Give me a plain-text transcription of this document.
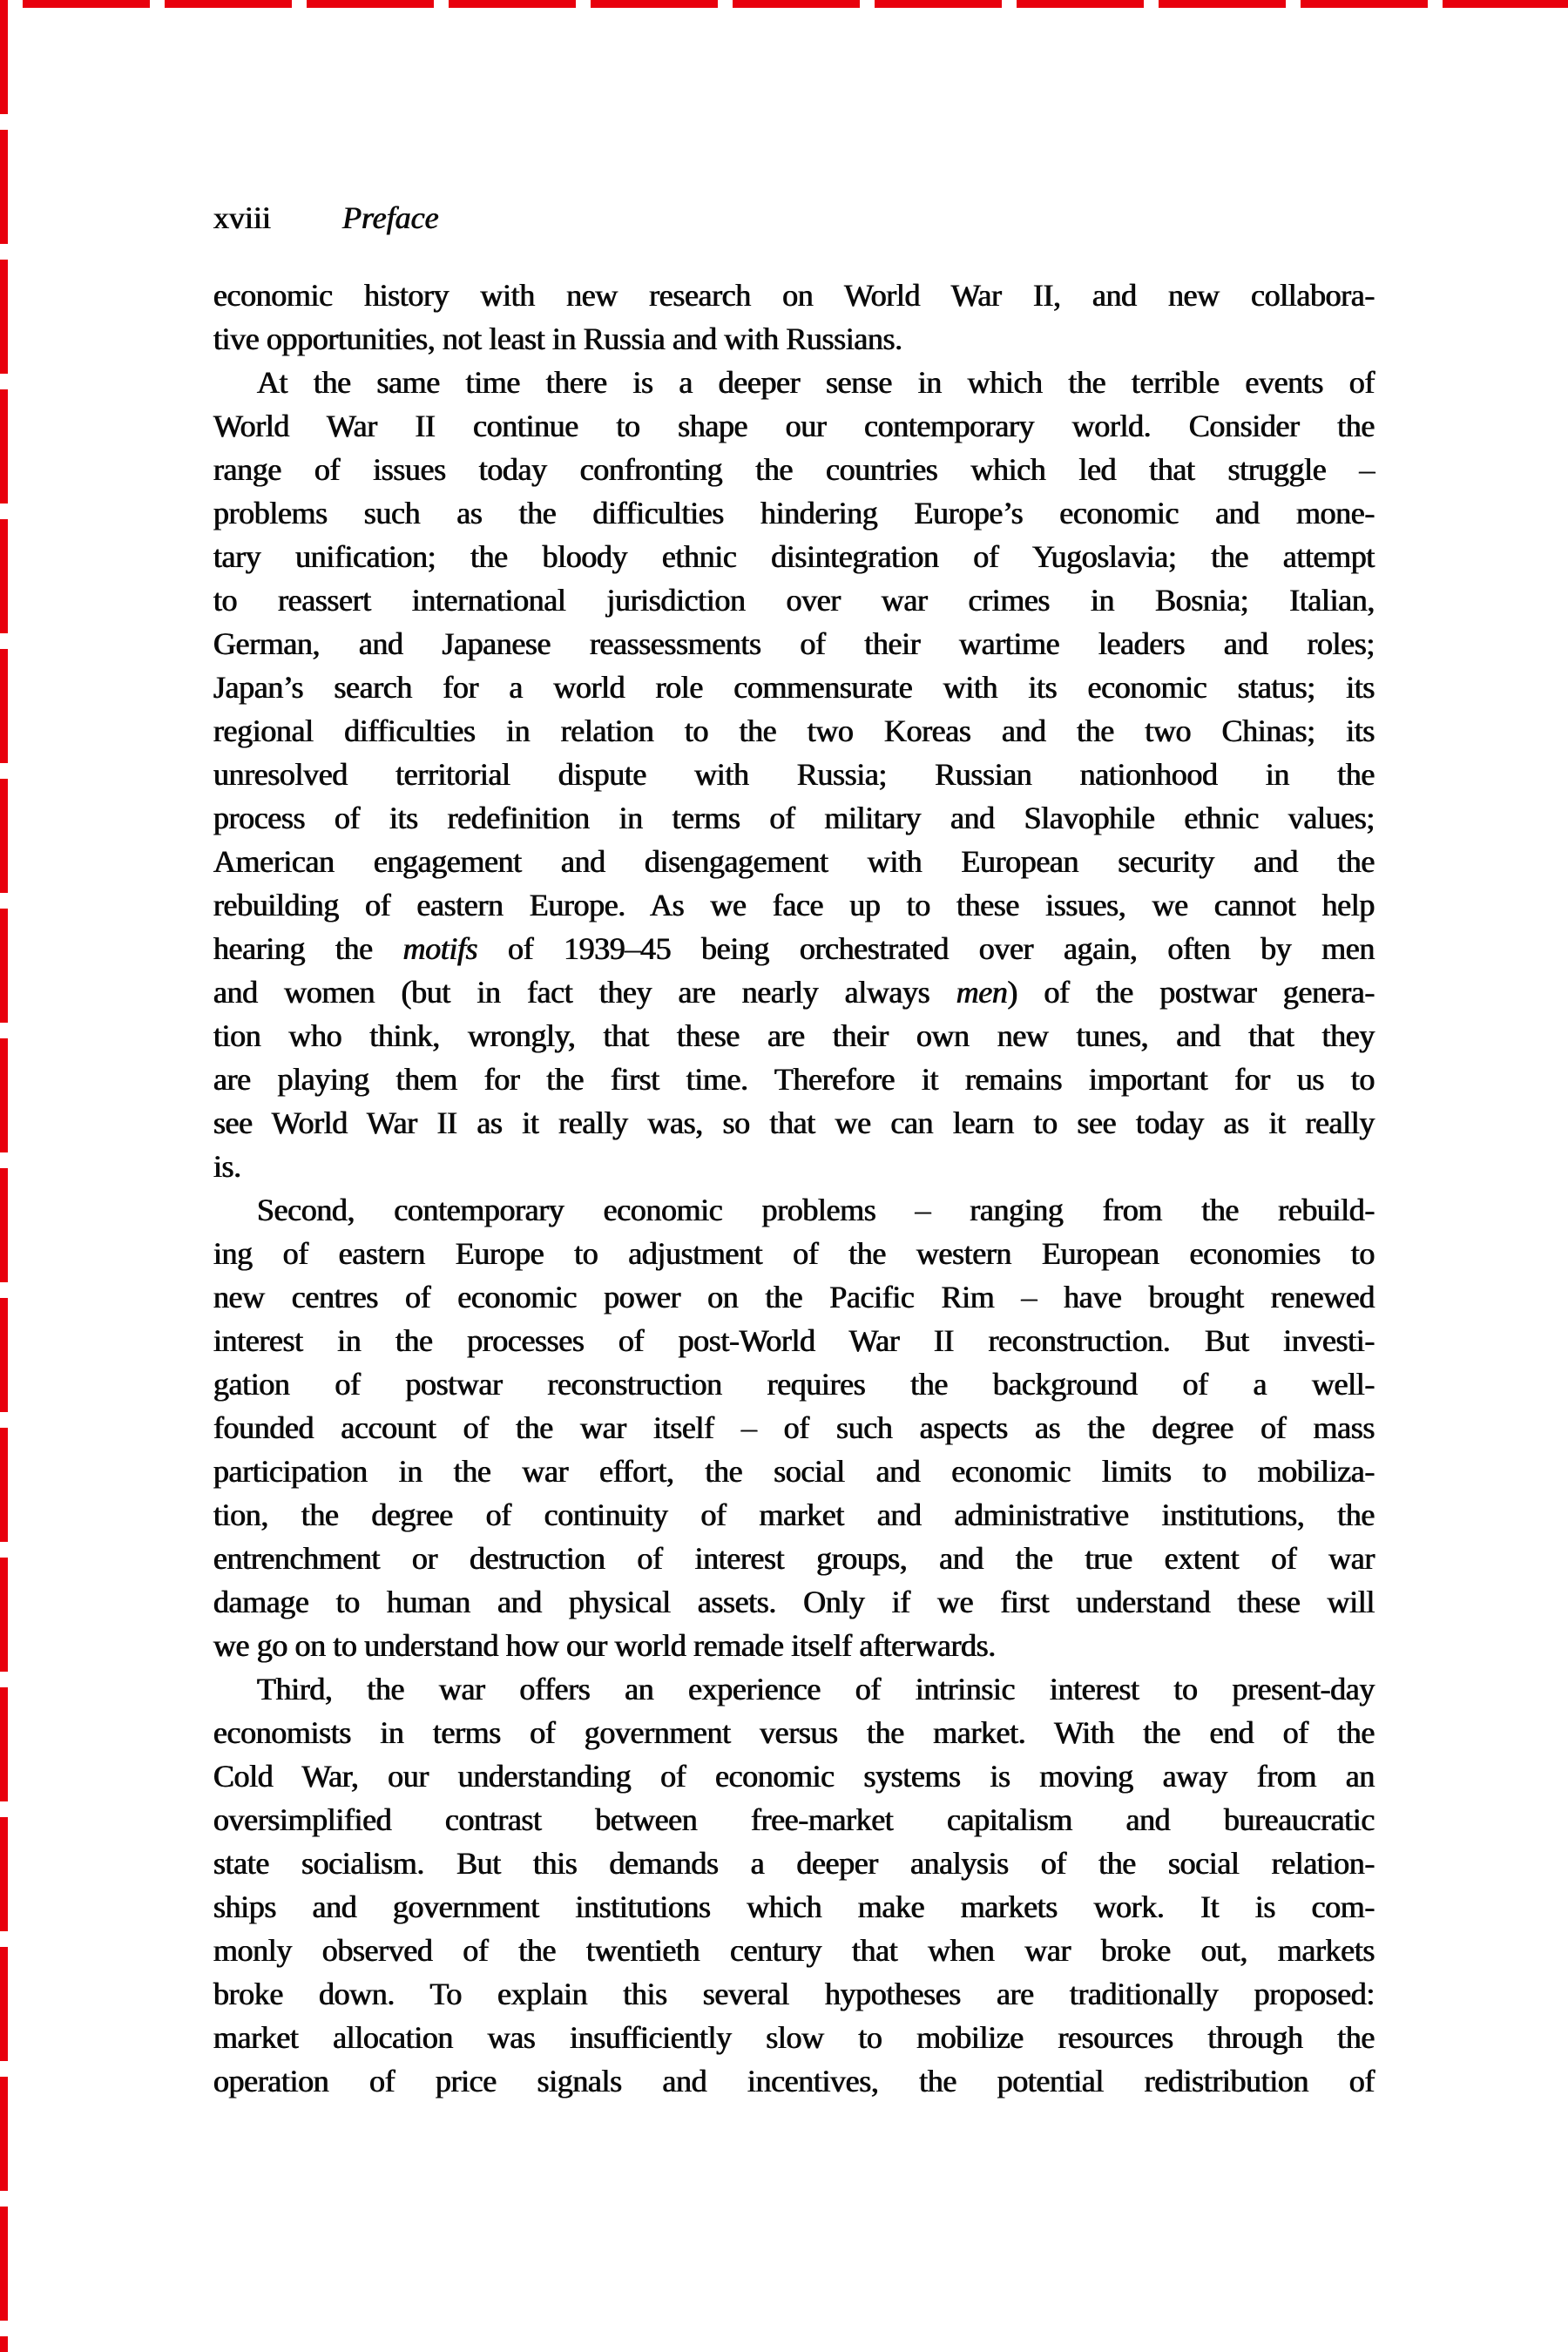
xviii Preface
economic history with new research on World War II, and new collabora-
tive opportunities, not least in Russia and with Russians.
At the same time there is a deeper sense in which the terrible events of
World War II continue to shape our contemporary world. Consider the
range of issues today confronting the countries which led that struggle –
problems such as the difficulties hindering Europe’s economic and mone-
tary unification; the bloody ethnic disintegration of Yugoslavia; the attempt
to reassert international jurisdiction over war crimes in Bosnia; Italian,
German, and Japanese reassessments of their wartime leaders and roles;
Japan’s search for a world role commensurate with its economic status; its
regional difficulties in relation to the two Koreas and the two Chinas; its
unresolved territorial dispute with Russia; Russian nationhood in the
process of its redefinition in terms of military and Slavophile ethnic values;
American engagement and disengagement with European security and the
rebuilding of eastern Europe. As we face up to these issues, we cannot help
hearing the motifs of 1939–45 being orchestrated over again, often by men
and women (but in fact they are nearly always men) of the postwar genera-
tion who think, wrongly, that these are their own new tunes, and that they
are playing them for the first time. Therefore it remains important for us to
see World War II as it really was, so that we can learn to see today as it really
is.
Second, contemporary economic problems – ranging from the rebuild-
ing of eastern Europe to adjustment of the western European economies to
new centres of economic power on the Pacific Rim – have brought renewed
interest in the processes of post-World War II reconstruction. But investi-
gation of postwar reconstruction requires the background of a well-
founded account of the war itself – of such aspects as the degree of mass
participation in the war effort, the social and economic limits to mobiliza-
tion, the degree of continuity of market and administrative institutions, the
entrenchment or destruction of interest groups, and the true extent of war
damage to human and physical assets. Only if we first understand these will
we go on to understand how our world remade itself afterwards.
Third, the war offers an experience of intrinsic interest to present-day
economists in terms of government versus the market. With the end of the
Cold War, our understanding of economic systems is moving away from an
oversimplified contrast between free-market capitalism and bureaucratic
state socialism. But this demands a deeper analysis of the social relation-
ships and government institutions which make markets work. It is com-
monly observed of the twentieth century that when war broke out, markets
broke down. To explain this several hypotheses are traditionally proposed:
market allocation was insufficiently slow to mobilize resources through the
operation of price signals and incentives, the potential redistribution of
